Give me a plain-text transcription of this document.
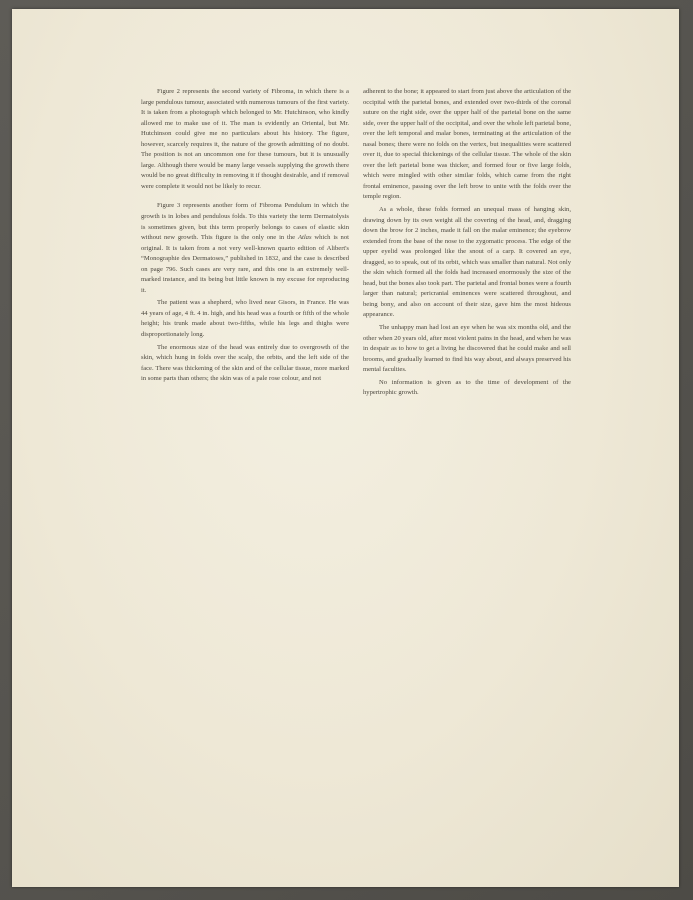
Figure 2 represents the second variety of Fibroma, in which there is a large pendulous tumour, associated with numerous tumours of the first variety. It is taken from a photograph which belonged to Mr. Hutchinson, who kindly allowed me to make use of it. The man is evidently an Oriental, but Mr. Hutchinson could give me no particulars about his history. The figure, however, scarcely requires it, the nature of the growth admitting of no doubt. The position is not an uncommon one for these tumours, but it is unusually large. Although there would be many large vessels supplying the growth there would be no great difficulty in removing it if thought desirable, and if removal were complete it would not be likely to recur.

Figure 3 represents another form of Fibroma Pendulum in which the growth is in lobes and pendulous folds. To this variety the term Dermatolysis is sometimes given, but this term properly belongs to cases of elastic skin without new growth. This figure is the only one in the Atlas which is not original. It is taken from a not very well-known quarto edition of Alibert's “Monographie des Dermatoses,” published in 1832, and the case is described on page 796. Such cases are very rare, and this one is an extremely well-marked instance, and its being but little known is my excuse for reproducing it.

The patient was a shepherd, who lived near Gisors, in France. He was 44 years of age, 4 ft. 4 in. high, and his head was a fourth or fifth of the whole height; his trunk made about two-fifths, while his legs and thighs were disproportionately long.

The enormous size of the head was entirely due to overgrowth of the skin, which hung in folds over the scalp, the orbits, and the left side of the face. There was thickening of the skin and of the cellular tissue, more marked in some parts than others; the skin was of a pale rose colour, and not

adherent to the bone; it appeared to start from just above the articulation of the occipital with the parietal bones, and extended over two-thirds of the coronal suture on the right side, over the upper half of the parietal bone on the same side, over the upper half of the occipital, and over the whole left parietal bone, over the left temporal and malar bones, terminating at the articulation of the nasal bones; there were no folds on the vertex, but inequalities were scattered over it, due to special thickenings of the cellular tissue. The whole of the skin over the left parietal bone was thicker, and formed four or five large folds, which were mingled with other similar folds, which came from the right frontal eminence, passing over the left brow to unite with the folds over the temple region.

As a whole, these folds formed an unequal mass of hanging skin, drawing down by its own weight all the covering of the head, and, dragging down the brow for 2 inches, made it fall on the malar eminence; the eyebrow extended from the base of the nose to the zygomatic process. The edge of the upper eyelid was prolonged like the snout of a carp. It covered an eye, dragged, so to speak, out of its orbit, which was smaller than natural. Not only the skin which formed all the folds had increased enormously the size of the head, but the bones also took part. The parietal and frontal bones were a fourth larger than natural; pericranial eminences were scattered throughout, and being bony, and also on account of their size, gave him the most hideous appearance.

The unhappy man had lost an eye when he was six months old, and the other when 20 years old, after most violent pains in the head, and when he was in despair as to how to get a living he discovered that he could make and sell brooms, and gradually learned to find his way about, and always preserved his mental faculties.

No information is given as to the time of development of the hypertrophic growth.
